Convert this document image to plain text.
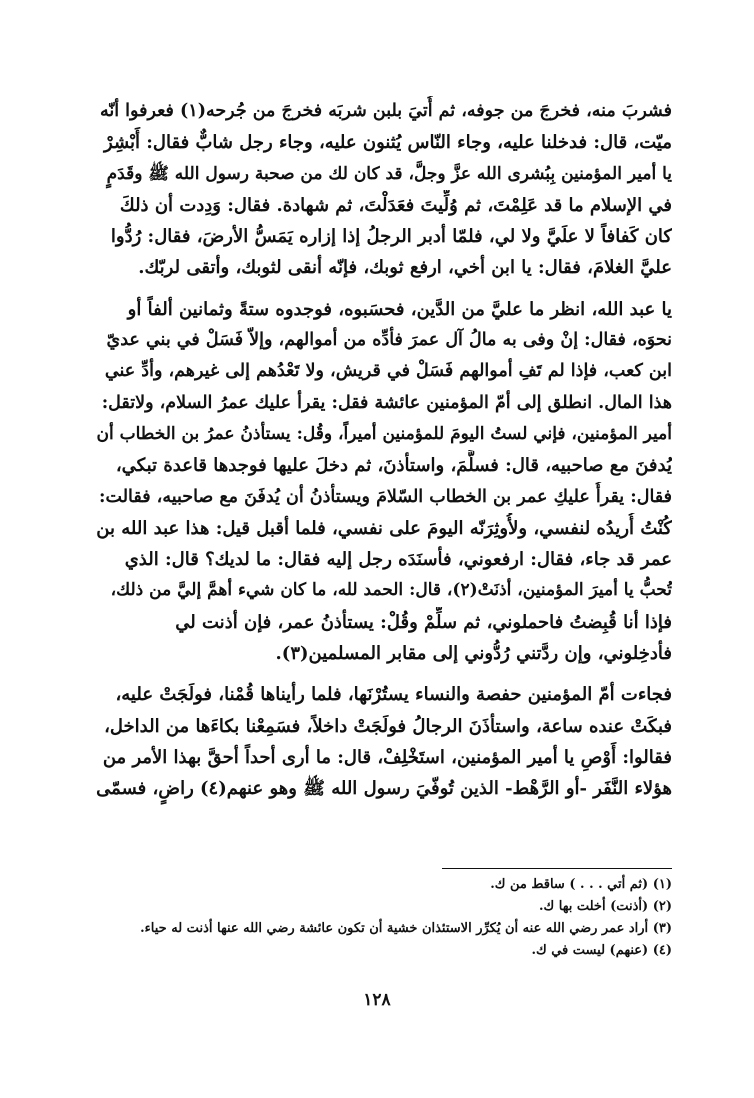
فشربَ منه، فخرجَ من جوفه، ثم أُتيَ بلبن شربَه فخرجَ من جُرحه(١) فعرفوا أنّه
ميّت، قال: فدخلنا عليه، وجاء النّاس يُثنون عليه، وجاء رجل شابٌّ فقال: أَبْشِرْ
يا أمير المؤمنين بِبُشرى الله عزَّ وجلَّ، قد كان لك من صحبة رسول الله ﷺ وقَدَمٍ
في الإسلام ما قد عَلِمْتَ، ثم وُلِّيتَ فعَدَلْتَ، ثم شهادة. فقال: وَدِدت أن ذلكَ
كان كَفافاً لا علَيَّ ولا لي، فلمّا أدبر الرجلُ إذا إزاره يَمَسُّ الأرضَ، فقال: رُدُّوا
عليَّ الغلامَ، فقال: يا ابن أخي، ارفع ثوبك، فإنّه أنقى لثوبك، وأتقى لربّك.
يا عبد الله، انظر ما عليَّ من الدَّين، فحسَبوه، فوجدوه ستةً وثمانين ألفاً أو
نحوَه، فقال: إنْ وفى به مالُ آل عمرَ فأدِّه من أموالهم، وإلاّ فَسَلْ في بني عديّ
ابن كعب، فإذا لم تَفِ أموالهم فَسَلْ في قريش، ولا تَعْدُهم إلى غيرهم، وأدِّ عني
هذا المال. انطلق إلى أمّ المؤمنين عائشة فقل: يقرأ عليك عمرُ السلام، ولاتقل:
أمير المؤمنين، فإني لستُ اليومَ للمؤمنين أميراً، وقُل: يستأذنُ عمرُ بن الخطاب أن
يُدفنَ مع صاحبيه، قال: فسلَّمَ، واستأذنَ، ثم دخلَ عليها فوجدها قاعدة تبكي،
فقال: يقرأُ عليكِ عمر بن الخطاب السّلامَ ويستأذنُ أن يُدفَنَ مع صاحبيه، فقالت:
كُنْتُ أُريدُه لنفسي، ولأُوثِرَنّه اليومَ على نفسي، فلما أقبل قيل: هذا عبد الله بن
عمر قد جاء، فقال: ارفعوني، فأسنَدَه رجل إليه فقال: ما لديك؟ قال: الذي
تُحبُّ يا أميرَ المؤمنين، أذنَتْ(٢)، قال: الحمد لله، ما كان شيء أهمَّ إليَّ من ذلك،
فإذا أنا قُبِضتُ فاحملوني، ثم سلِّمْ وقُلْ: يستأذنُ عمر، فإن أذنت لي
فأدخِلوني، وإن ردَّتني رُدُّوني إلى مقابر المسلمين(٣).
فجاءت أمّ المؤمنين حفصة والنساء يستُرْنَها، فلما رأيناها قُمْنا، فولَجَتْ عليه،
فبكَتْ عنده ساعة، واستأذَنَ الرجالُ فولَجَتْ داخلاً، فسَمِعْنا بكاءَها من الداخل،
فقالوا: أَوْصِ يا أمير المؤمنين، استَخْلِفْ، قال: ما أرى أحداً أحقَّ بهذا الأمر من
هؤلاء النَّفَر -أو الرَّهْط- الذين تُوفّيَ رسول الله ﷺ وهو عنهم(٤) راضٍ، فسمّى
(١) (ثم أتي . . . ) ساقط من ك.
(٢) (أذنت) أخلت بها ك.
(٣) أراد عمر رضي الله عنه أن يُكرِّر الاستئذان خشية أن تكون عائشة رضي الله عنها أذنت له حياء.
(٤) (عنهم) ليست في ك.
١٢٨
